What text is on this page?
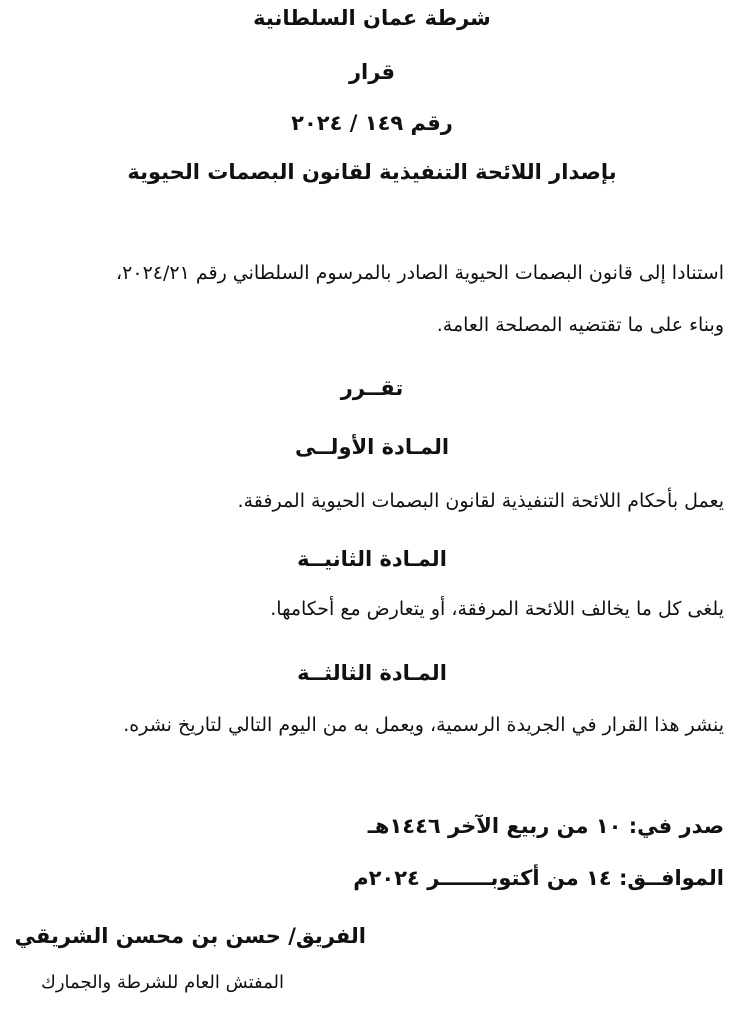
شرطة عمان السلطانية
قرار
رقم ١٤٩ / ٢٠٢٤
بإصدار اللائحة التنفيذية لقانون البصمات الحيوية
استنادا إلى قانون البصمات الحيوية الصادر بالمرسوم السلطاني رقم ٢٠٢٤/٢١،
وبناء على ما تقتضيه المصلحة العامة.
تقــرر
المـادة الأولــى
يعمل بأحكام اللائحة التنفيذية لقانون البصمات الحيوية المرفقة.
المـادة الثانيــة
يلغى كل ما يخالف اللائحة المرفقة، أو يتعارض مع أحكامها.
المـادة الثالثــة
ينشر هذا القرار في الجريدة الرسمية، ويعمل به من اليوم التالي لتاريخ نشره.
صدر في: ١٠ من ربيع الآخر ١٤٤٦هـ
الموافــق: ١٤ من أكتوبـــــــر ٢٠٢٤م
الفريق/ حسن بن محسن الشريقي
المفتش العام للشرطة والجمارك
